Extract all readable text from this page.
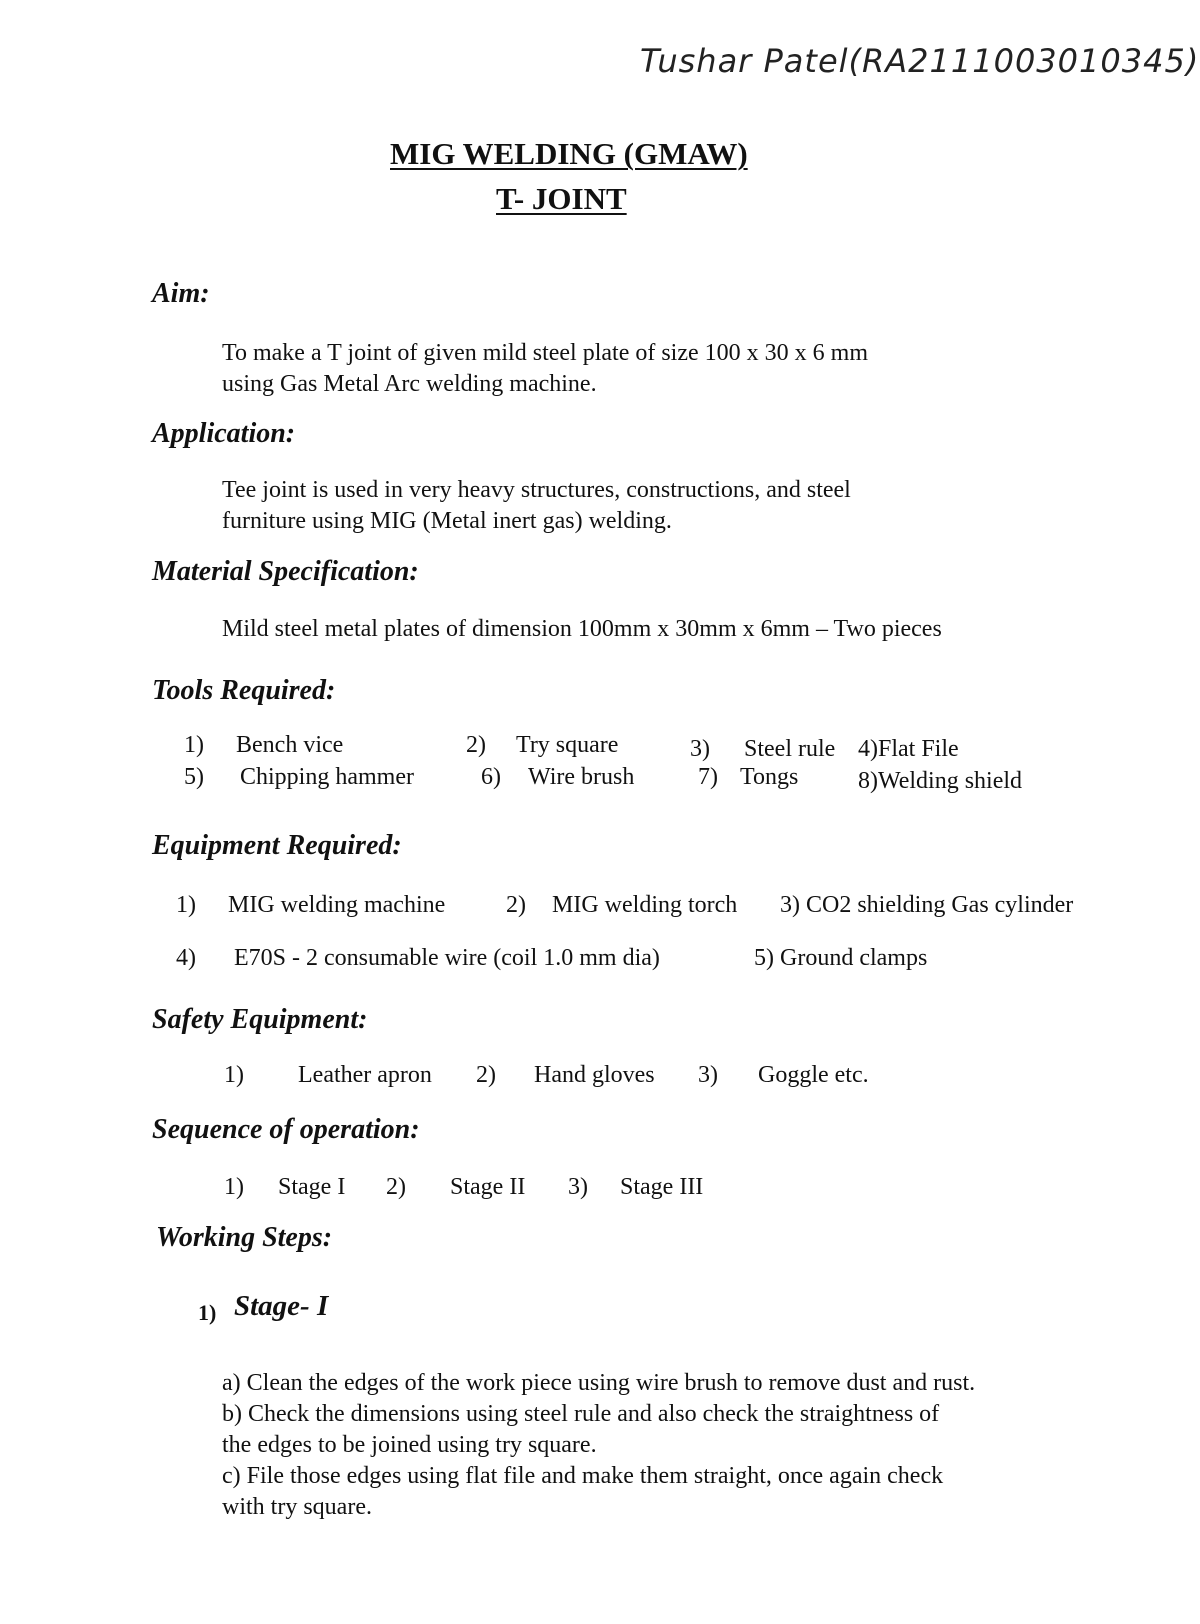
Tushar Patel(RA2111003010345)
MIG WELDING (GMAW)
T- JOINT
Aim:
To make a T joint of given mild steel plate of size 100 x 30 x 6 mm
using Gas Metal Arc welding machine.
Application:
Tee joint is used in very heavy structures, constructions, and steel
furniture using MIG (Metal inert gas) welding.
Material Specification:
Mild steel metal plates of dimension 100mm x 30mm x 6mm – Two pieces
Tools Required:
1) Bench vice	2) Try square	3) Steel rule 4)Flat File
5) Chipping hammer	6) Wire brush	7) Tongs 8)Welding shield
Equipment Required:
1) MIG welding machine	2) MIG welding torch 3) CO2 shielding Gas cylinder
4) E70S - 2 consumable wire (coil 1.0 mm dia)	5) Ground clamps
Safety Equipment:
1) Leather apron 2) Hand gloves 3) Goggle etc.
Sequence of operation:
1) Stage I 2) Stage II 3) Stage III
Working Steps:
1) Stage- I
a) Clean the edges of the work piece using wire brush to remove dust and rust.
b) Check the dimensions using steel rule and also check the straightness of
the edges to be joined using try square.
c) File those edges using flat file and make them straight, once again check
with try square.
